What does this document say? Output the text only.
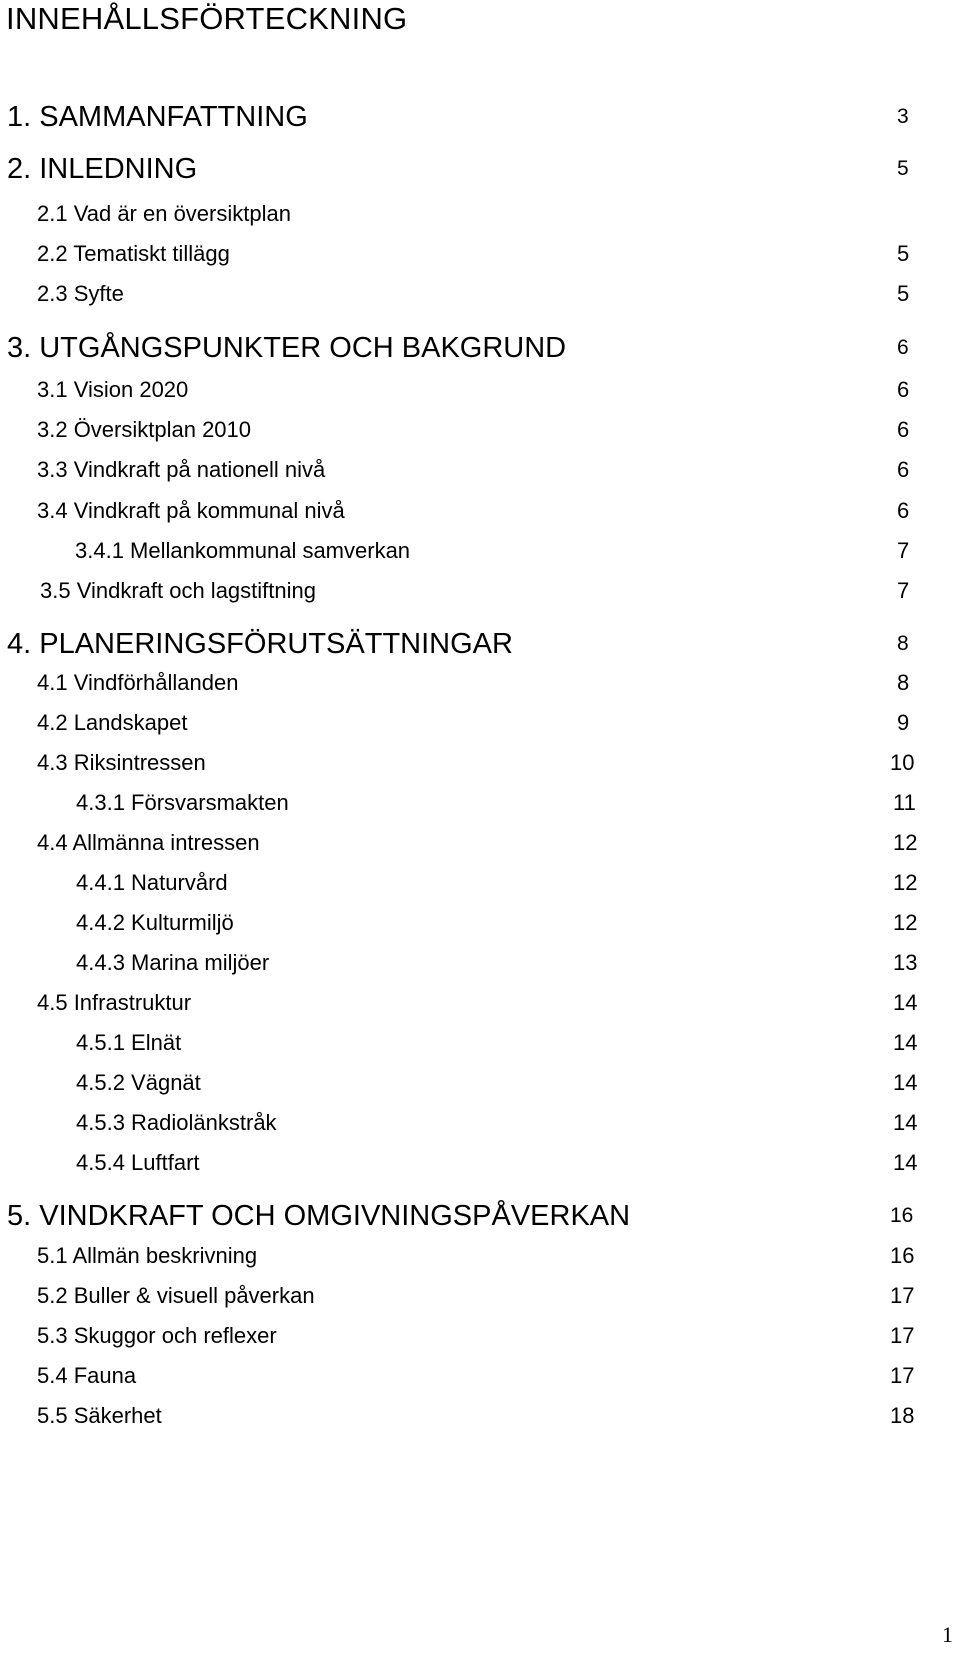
INNEHÅLLSFÖRTECKNING
1. SAMMANFATTNING	3
2. INLEDNING	5
2.1 Vad är en översiktplan
2.2 Tematiskt tillägg	5
2.3 Syfte	5
3. UTGÅNGSPUNKTER OCH BAKGRUND	6
3.1 Vision 2020	6
3.2 Översiktplan 2010	6
3.3 Vindkraft på nationell nivå	6
3.4 Vindkraft på kommunal nivå	6
3.4.1 Mellankommunal samverkan	7
3.5 Vindkraft och lagstiftning	7
4. PLANERINGSFÖRUTSÄTTNINGAR	8
4.1 Vindförhållanden	8
4.2 Landskapet	9
4.3 Riksintressen	10
4.3.1 Försvarsmakten	11
4.4 Allmänna intressen	12
4.4.1 Naturvård	12
4.4.2 Kulturmiljö	12
4.4.3 Marina miljöer	13
4.5 Infrastruktur	14
4.5.1 Elnät	14
4.5.2 Vägnät	14
4.5.3 Radiolänkstråk	14
4.5.4 Luftfart	14
5. VINDKRAFT OCH OMGIVNINGSPÅVERKAN	16
5.1 Allmän beskrivning	16
5.2 Buller & visuell påverkan	17
5.3 Skuggor och reflexer	17
5.4 Fauna	17
5.5 Säkerhet	18
1
